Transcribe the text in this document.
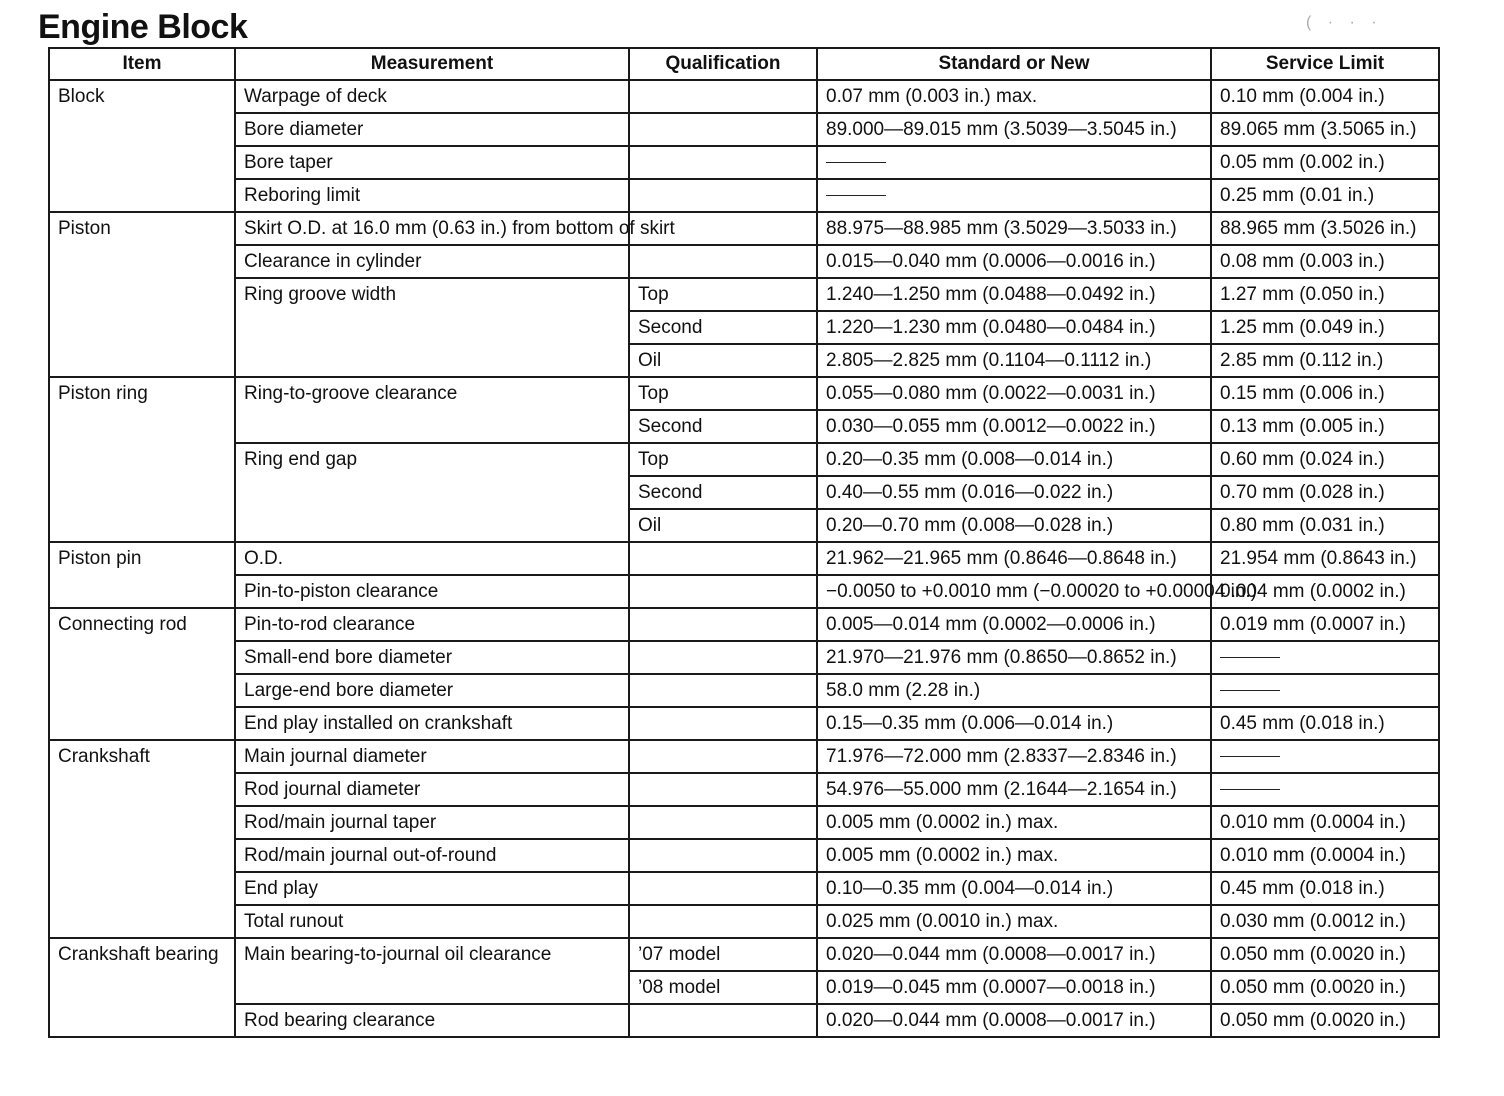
Engine Block	( · · ·
Item	Measurement	Qualification	Standard or New	Service Limit
Block	Warpage of deck		0.07 mm (0.003 in.) max.	0.10 mm (0.004 in.)
	Bore diameter		89.000—89.015 mm (3.5039—3.5045 in.)	89.065 mm (3.5065 in.)
	Bore taper			0.05 mm (0.002 in.)
	Reboring limit			0.25 mm (0.01 in.)
Piston	Skirt O.D. at 16.0 mm (0.63 in.) from bottom of skirt		88.975—88.985 mm (3.5029—3.5033 in.)	88.965 mm (3.5026 in.)
	Clearance in cylinder		0.015—0.040 mm (0.0006—0.0016 in.)	0.08 mm (0.003 in.)
	Ring groove width	Top	1.240—1.250 mm (0.0488—0.0492 in.)	1.27 mm (0.050 in.)
		Second	1.220—1.230 mm (0.0480—0.0484 in.)	1.25 mm (0.049 in.)
		Oil	2.805—2.825 mm (0.1104—0.1112 in.)	2.85 mm (0.112 in.)
Piston ring	Ring-to-groove clearance	Top	0.055—0.080 mm (0.0022—0.0031 in.)	0.15 mm (0.006 in.)
		Second	0.030—0.055 mm (0.0012—0.0022 in.)	0.13 mm (0.005 in.)
	Ring end gap	Top	0.20—0.35 mm (0.008—0.014 in.)	0.60 mm (0.024 in.)
		Second	0.40—0.55 mm (0.016—0.022 in.)	0.70 mm (0.028 in.)
		Oil	0.20—0.70 mm (0.008—0.028 in.)	0.80 mm (0.031 in.)
Piston pin	O.D.		21.962—21.965 mm (0.8646—0.8648 in.)	21.954 mm (0.8643 in.)
	Pin-to-piston clearance		−0.0050 to +0.0010 mm (−0.00020 to +0.00004 in.)	0.004 mm (0.0002 in.)
Connecting rod	Pin-to-rod clearance		0.005—0.014 mm (0.0002—0.0006 in.)	0.019 mm (0.0007 in.)
	Small-end bore diameter		21.970—21.976 mm (0.8650—0.8652 in.)	
	Large-end bore diameter		58.0 mm (2.28 in.)	
	End play installed on crankshaft		0.15—0.35 mm (0.006—0.014 in.)	0.45 mm (0.018 in.)
Crankshaft	Main journal diameter		71.976—72.000 mm (2.8337—2.8346 in.)	
	Rod journal diameter		54.976—55.000 mm (2.1644—2.1654 in.)	
	Rod/main journal taper		0.005 mm (0.0002 in.) max.	0.010 mm (0.0004 in.)
	Rod/main journal out-of-round		0.005 mm (0.0002 in.) max.	0.010 mm (0.0004 in.)
	End play		0.10—0.35 mm (0.004—0.014 in.)	0.45 mm (0.018 in.)
	Total runout		0.025 mm (0.0010 in.) max.	0.030 mm (0.0012 in.)
Crankshaft bearing	Main bearing-to-journal oil clearance	’07 model	0.020—0.044 mm (0.0008—0.0017 in.)	0.050 mm (0.0020 in.)
		’08 model	0.019—0.045 mm (0.0007—0.0018 in.)	0.050 mm (0.0020 in.)
	Rod bearing clearance		0.020—0.044 mm (0.0008—0.0017 in.)	0.050 mm (0.0020 in.)
